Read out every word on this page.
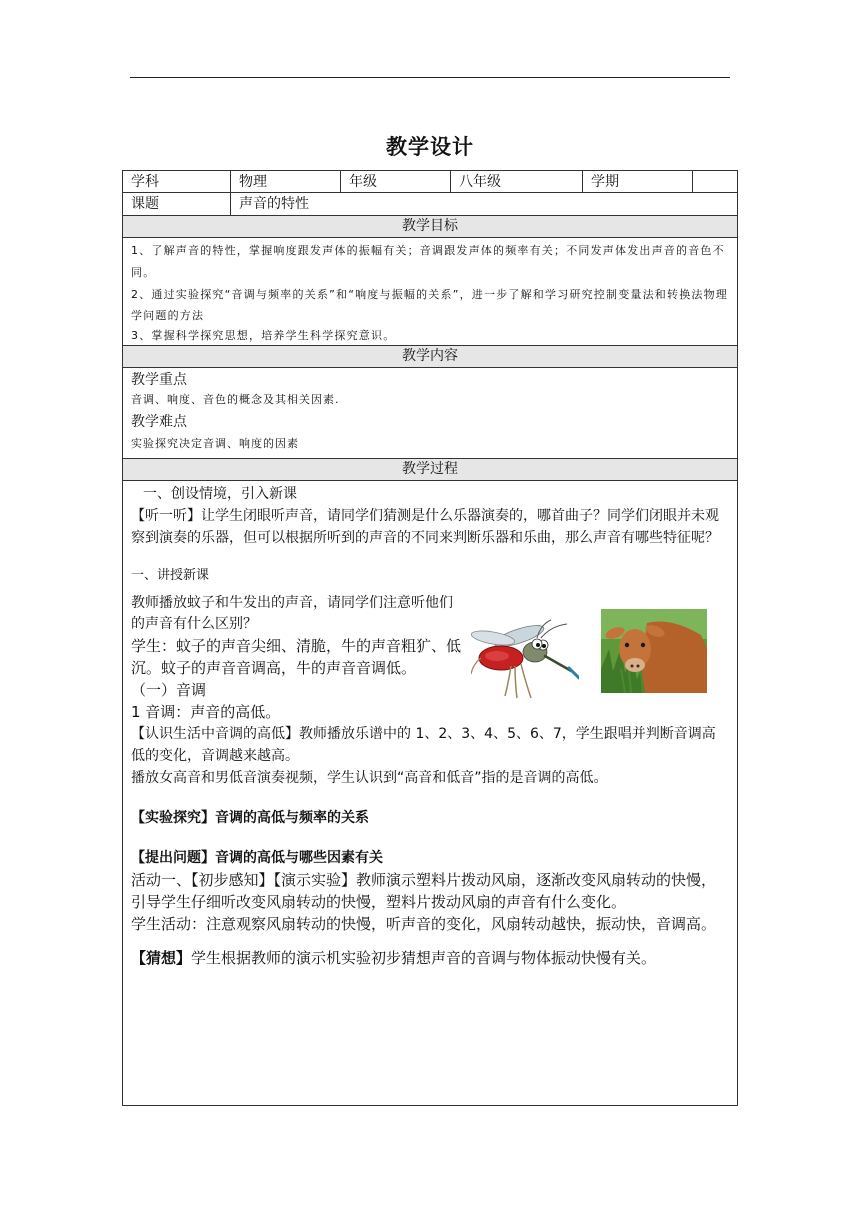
教学设计
学科	物理	年级	八年级	学期
课题	声音的特性
教学目标

1、了解声音的特性，掌握响度跟发声体的振幅有关；音调跟发声体的频率有关；不同发声体发出声音的音色不同。

2、通过实验探究“音调与频率的关系”和“响度与振幅的关系”，进一步了解和学习研究控制变量法和转换法物理学问题的方法

3、掌握科学探究思想，培养学生科学探究意识。

教学内容

教学重点

音调、响度、音色的概念及其相关因素.

教学难点

实验探究决定音调、响度的因素

教学过程

一、创设情境，引入新课

【听一听】让学生闭眼听声音，请同学们猜测是什么乐器演奏的，哪首曲子？同学们闭眼并未观察到演奏的乐器，但可以根据所听到的声音的不同来判断乐器和乐曲，那么声音有哪些特征呢？

一、讲授新课

教师播放蚊子和牛发出的声音，请同学们注意听他们的声音有什么区别？

学生：蚊子的声音尖细、清脆，牛的声音粗犷、低沉。蚊子的声音音调高，牛的声音音调低。

（一）音调

1 音调：声音的高低。

【认识生活中音调的高低】教师播放乐谱中的 1、2、3、4、5、6、7，学生跟唱并判断音调高低的变化，音调越来越高。

播放女高音和男低音演奏视频，学生认识到“高音和低音”指的是音调的高低。

【实验探究】音调的高低与频率的关系

【提出问题】音调的高低与哪些因素有关

活动一、【初步感知】【演示实验】教师演示塑料片拨动风扇，逐渐改变风扇转动的快慢，引导学生仔细听改变风扇转动的快慢，塑料片拨动风扇的声音有什么变化。

学生活动：注意观察风扇转动的快慢，听声音的变化，风扇转动越快，振动快，音调高。

【猜想】学生根据教师的演示机实验初步猜想声音的音调与物体振动快慢有关。
